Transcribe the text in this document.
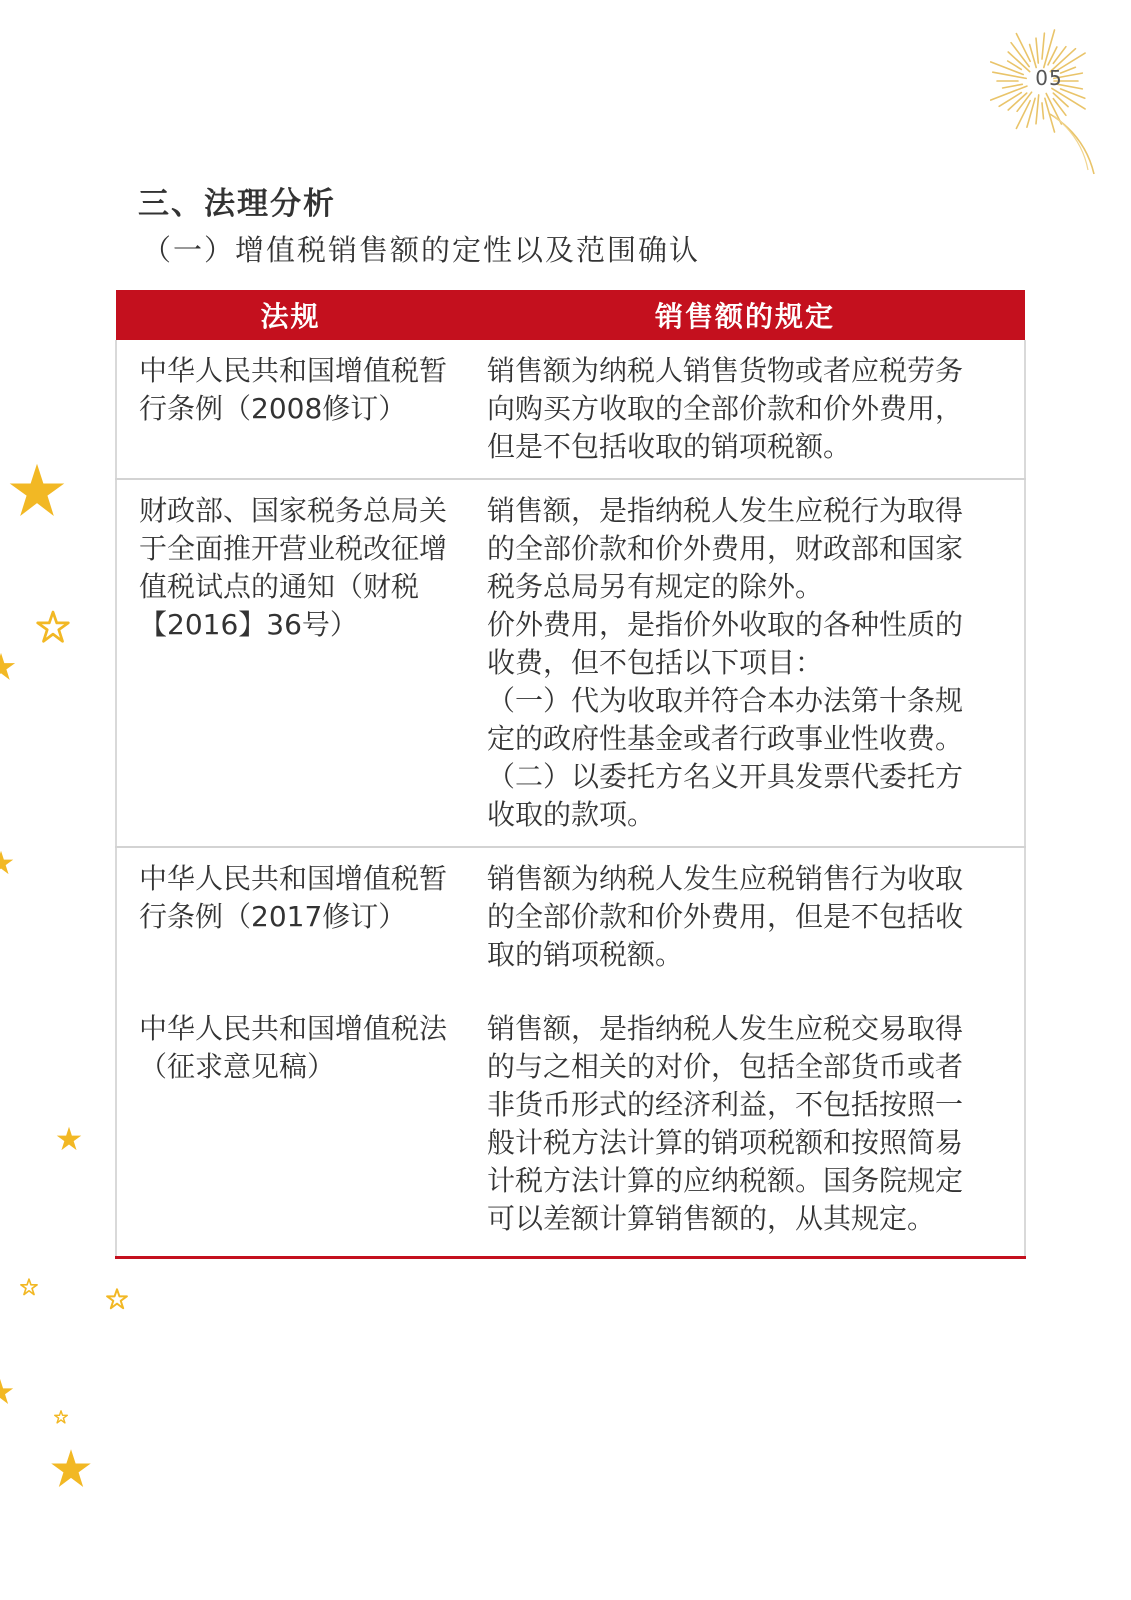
05
三、法理分析
（一）增值税销售额的定性以及范围确认
法规	销售额的规定
中华人民共和国增值税暂行条例（2008修订）	销售额为纳税人销售货物或者应税劳务向购买方收取的全部价款和价外费用，但是不包括收取的销项税额。
财政部、国家税务总局关于全面推开营业税改征增值税试点的通知（财税【2016】36号）	销售额，是指纳税人发生应税行为取得的全部价款和价外费用，财政部和国家税务总局另有规定的除外。
价外费用，是指价外收取的各种性质的收费，但不包括以下项目：
（一）代为收取并符合本办法第十条规定的政府性基金或者行政事业性收费。
（二）以委托方名义开具发票代委托方收取的款项。
中华人民共和国增值税暂行条例（2017修订）	销售额为纳税人发生应税销售行为收取的全部价款和价外费用，但是不包括收取的销项税额。
中华人民共和国增值税法（征求意见稿）	销售额，是指纳税人发生应税交易取得的与之相关的对价，包括全部货币或者非货币形式的经济利益，不包括按照一般计税方法计算的销项税额和按照简易计税方法计算的应纳税额。国务院规定可以差额计算销售额的，从其规定。
